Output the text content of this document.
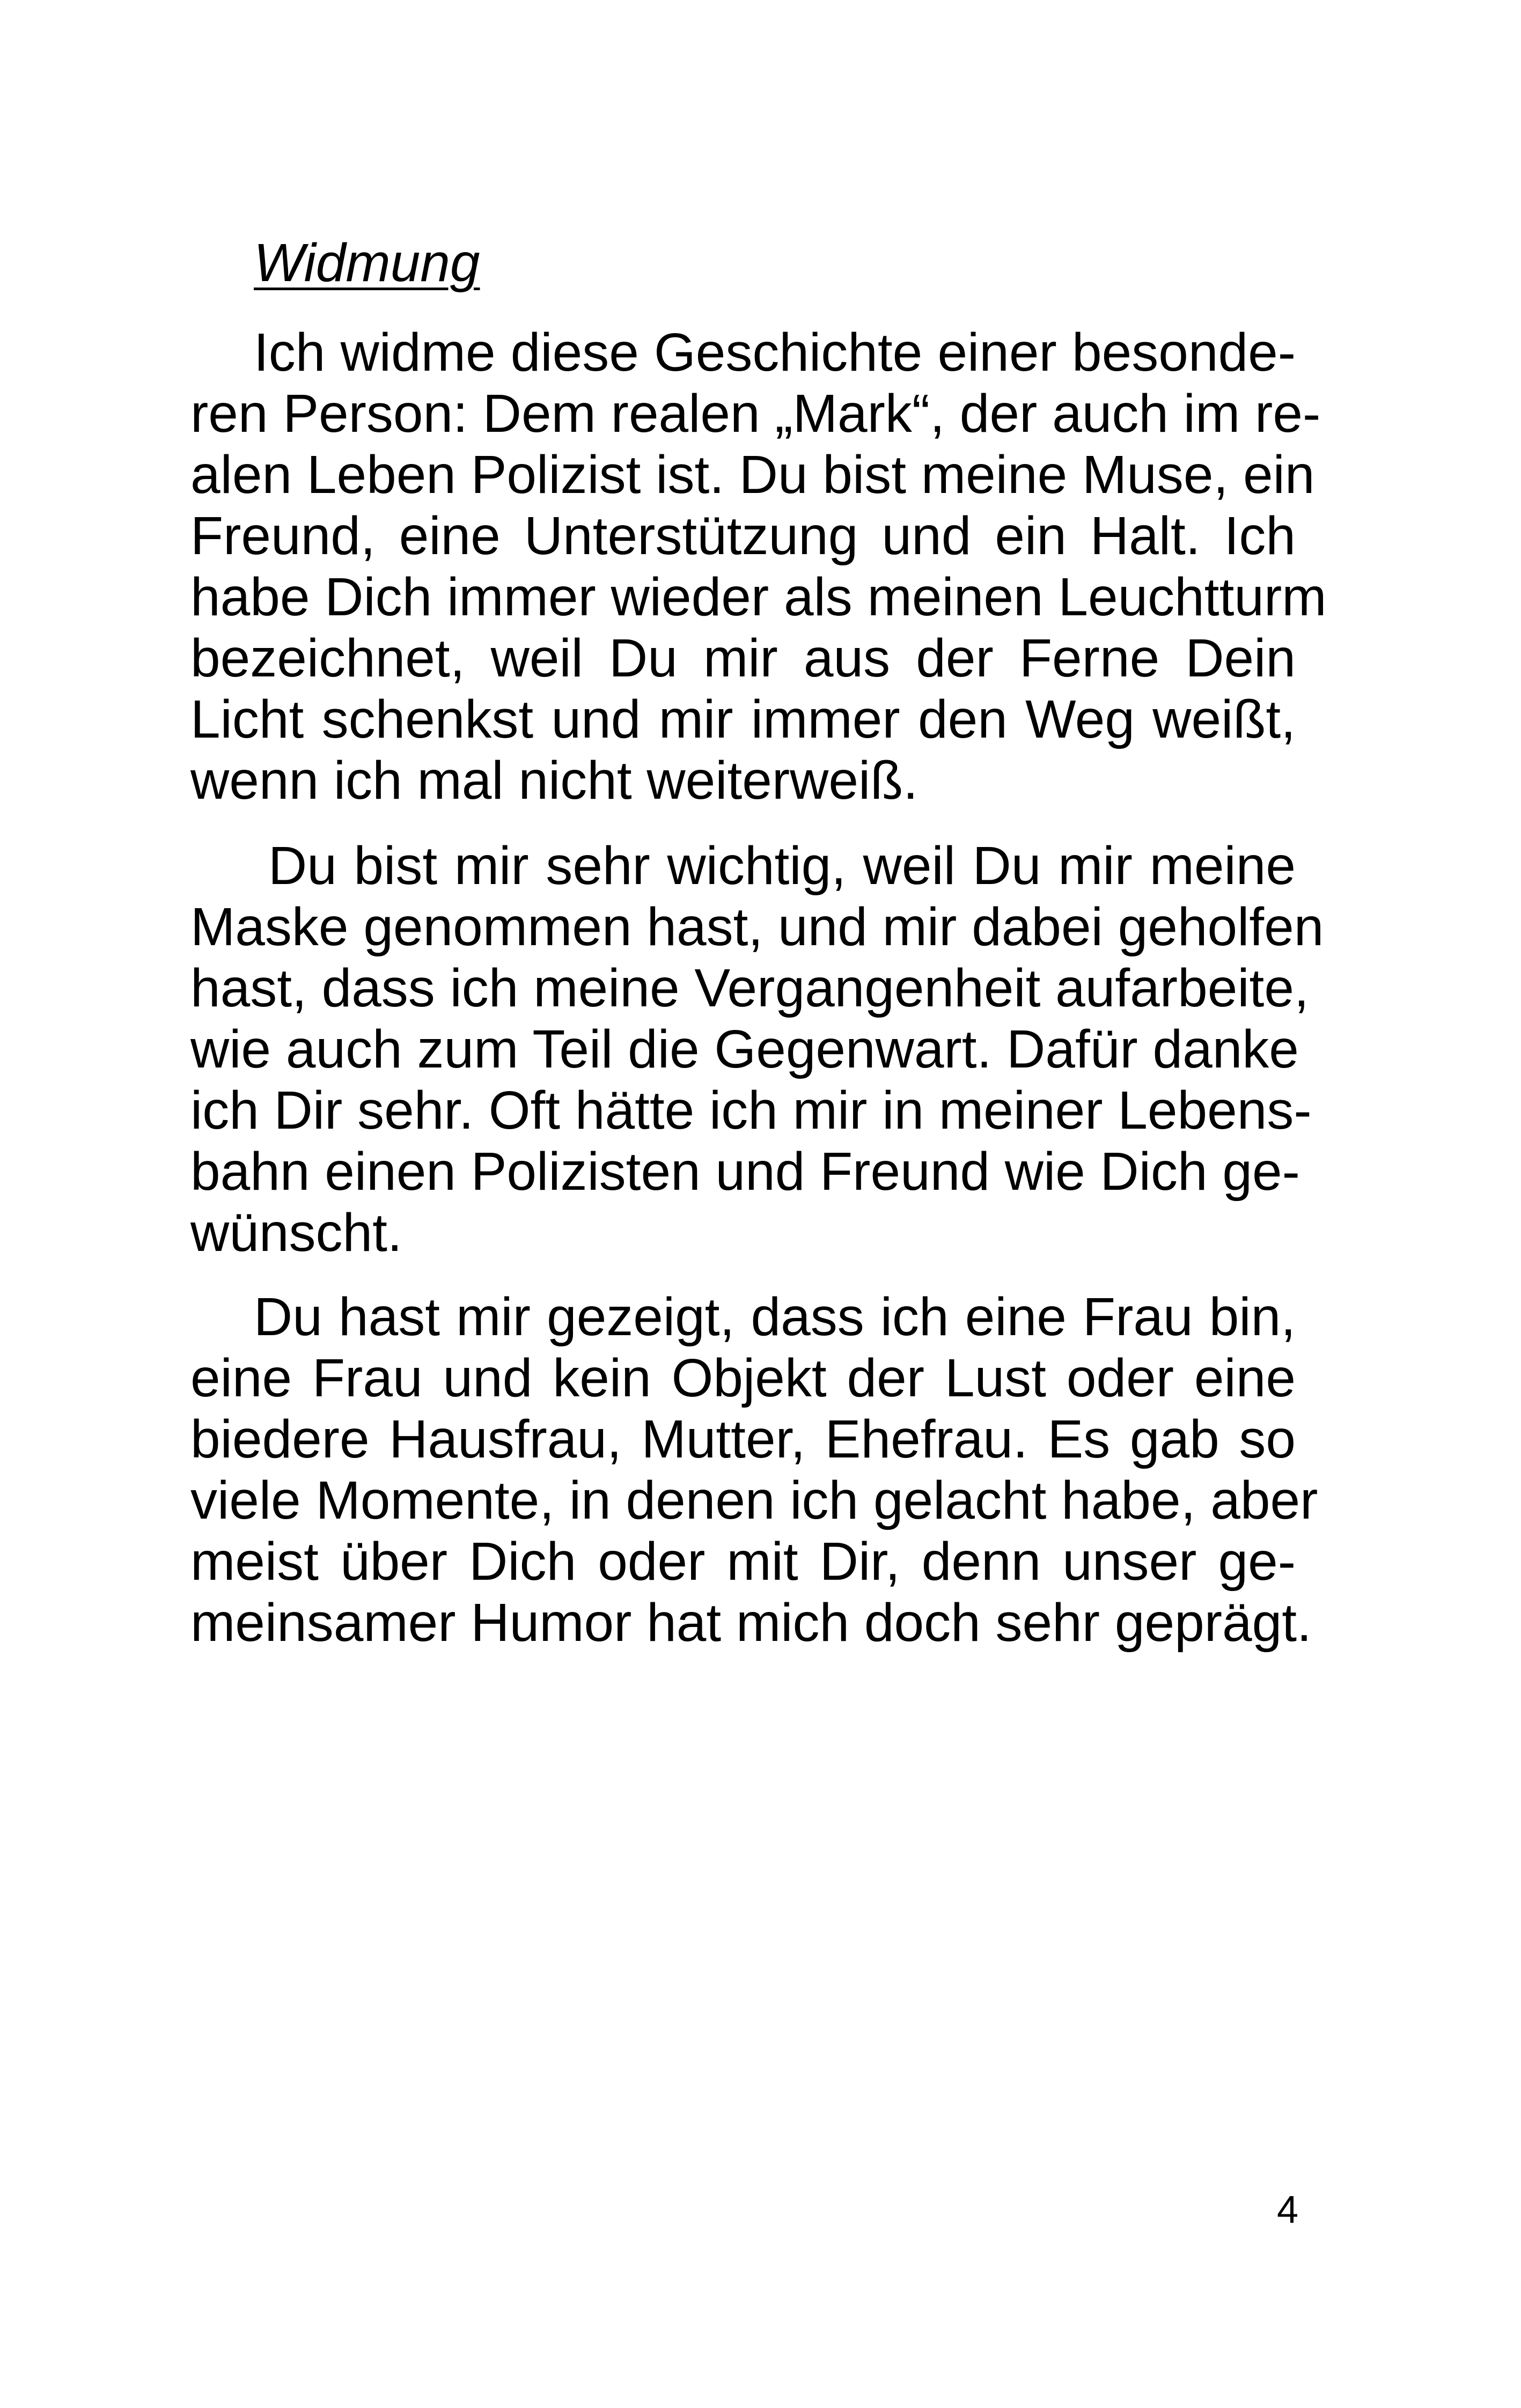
Widmung
Ich widme diese Geschichte einer besonde-
ren Person: Dem realen „Mark“, der auch im re-
alen Leben Polizist ist. Du bist meine Muse, ein
Freund, eine Unterstützung und ein Halt. Ich
habe Dich immer wieder als meinen Leuchtturm
bezeichnet, weil Du mir aus der Ferne Dein
Licht schenkst und mir immer den Weg weißt,
wenn ich mal nicht weiterweiß.
Du bist mir sehr wichtig, weil Du mir meine
Maske genommen hast, und mir dabei geholfen
hast, dass ich meine Vergangenheit aufarbeite,
wie auch zum Teil die Gegenwart. Dafür danke
ich Dir sehr. Oft hätte ich mir in meiner Lebens-
bahn einen Polizisten und Freund wie Dich ge-
wünscht.
Du hast mir gezeigt, dass ich eine Frau bin,
eine Frau und kein Objekt der Lust oder eine
biedere Hausfrau, Mutter, Ehefrau. Es gab so
viele Momente, in denen ich gelacht habe, aber
meist über Dich oder mit Dir, denn unser ge-
meinsamer Humor hat mich doch sehr geprägt.
4
